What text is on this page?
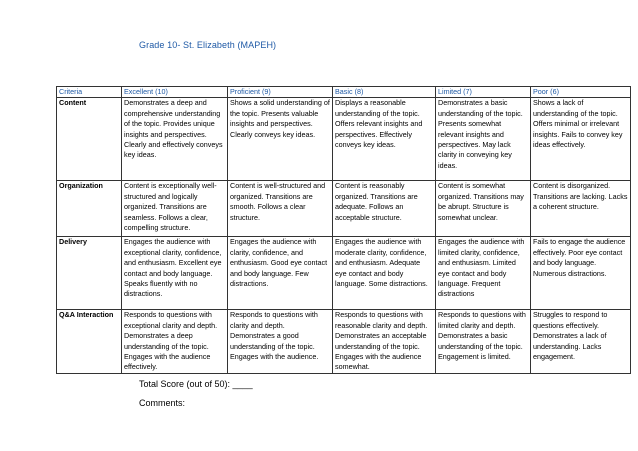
Grade 10- St. Elizabeth (MAPEH)
Criteria	Excellent (10)	Proficient (9)	Basic (8)	Limited (7)	Poor (6)
Content	Demonstrates a deep and comprehensive understanding of the topic. Provides unique insights and perspectives. Clearly and effectively conveys key ideas.	Shows a solid understanding of the topic. Presents valuable insights and perspectives. Clearly conveys key ideas.	Displays a reasonable understanding of the topic. Offers relevant insights and perspectives. Effectively conveys key ideas.	Demonstrates a basic understanding of the topic. Presents somewhat relevant insights and perspectives. May lack clarity in conveying key ideas.	Shows a lack of understanding of the topic. Offers minimal or irrelevant insights. Fails to convey key ideas effectively.
Organization	Content is exceptionally well-structured and logically organized. Transitions are seamless. Follows a clear, compelling structure.	Content is well-structured and organized. Transitions are smooth. Follows a clear structure.	Content is reasonably organized. Transitions are adequate. Follows an acceptable structure.	Content is somewhat organized. Transitions may be abrupt. Structure is somewhat unclear.	Content is disorganized. Transitions are lacking. Lacks a coherent structure.
Delivery	Engages the audience with exceptional clarity, confidence, and enthusiasm. Excellent eye contact and body language. Speaks fluently with no distractions.	Engages the audience with clarity, confidence, and enthusiasm. Good eye contact and body language. Few distractions.	Engages the audience with moderate clarity, confidence, and enthusiasm. Adequate eye contact and body language. Some distractions.	Engages the audience with limited clarity, confidence, and enthusiasm. Limited eye contact and body language. Frequent distractions	Fails to engage the audience effectively. Poor eye contact and body language. Numerous distractions.
Q&A Interaction	Responds to questions with exceptional clarity and depth. Demonstrates a deep understanding of the topic. Engages with the audience effectively.	Responds to questions with clarity and depth. Demonstrates a good understanding of the topic. Engages with the audience.	Responds to questions with reasonable clarity and depth. Demonstrates an acceptable understanding of the topic. Engages with the audience somewhat.	Responds to questions with limited clarity and depth. Demonstrates a basic understanding of the topic. Engagement is limited.	Struggles to respond to questions effectively. Demonstrates a lack of understanding. Lacks engagement.
Total Score (out of 50): ____
Comments:
